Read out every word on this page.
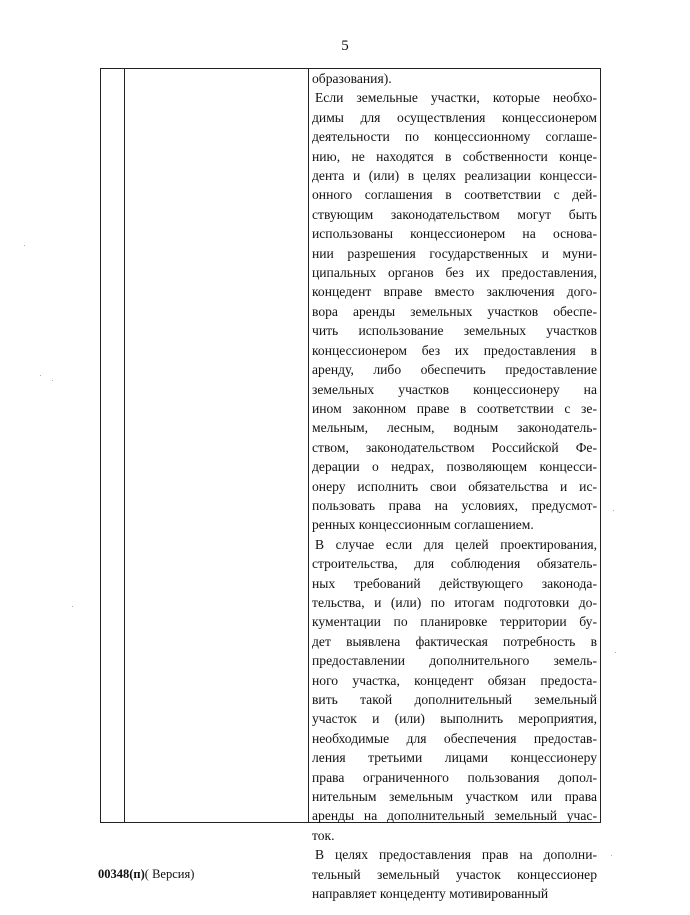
5
образования).
Если земельные участки, которые необхо-
димы для осуществления концессионером
деятельности по концессионному соглаше-
нию, не находятся в собственности конце-
дента и (или) в целях реализации концесси-
онного соглашения в соответствии с дей-
ствующим законодательством могут быть
использованы концессионером на основа-
нии разрешения государственных и муни-
ципальных органов без их предоставления,
концедент вправе вместо заключения дого-
вора аренды земельных участков обеспе-
чить использование земельных участков
концессионером без их предоставления в
аренду, либо обеспечить предоставление
земельных участков концессионеру на
ином законном праве в соответствии с зе-
мельным, лесным, водным законодатель-
ством, законодательством Российской Фе-
дерации о недрах, позволяющем концесси-
онеру исполнить свои обязательства и ис-
пользовать права на условиях, предусмот-
ренных концессионным соглашением.
В случае если для целей проектирования,
строительства, для соблюдения обязатель-
ных требований действующего законода-
тельства, и (или) по итогам подготовки до-
кументации по планировке территории бу-
дет выявлена фактическая потребность в
предоставлении дополнительного земель-
ного участка, концедент обязан предоста-
вить такой дополнительный земельный
участок и (или) выполнить мероприятия,
необходимые для обеспечения предостав-
ления третьими лицами концессионеру
права ограниченного пользования допол-
нительным земельным участком или права
аренды на дополнительный земельный учас-
ток.
В целях предоставления прав на дополни-
тельный земельный участок концессионер
направляет концеденту мотивированный
00348(п)( Версия)
